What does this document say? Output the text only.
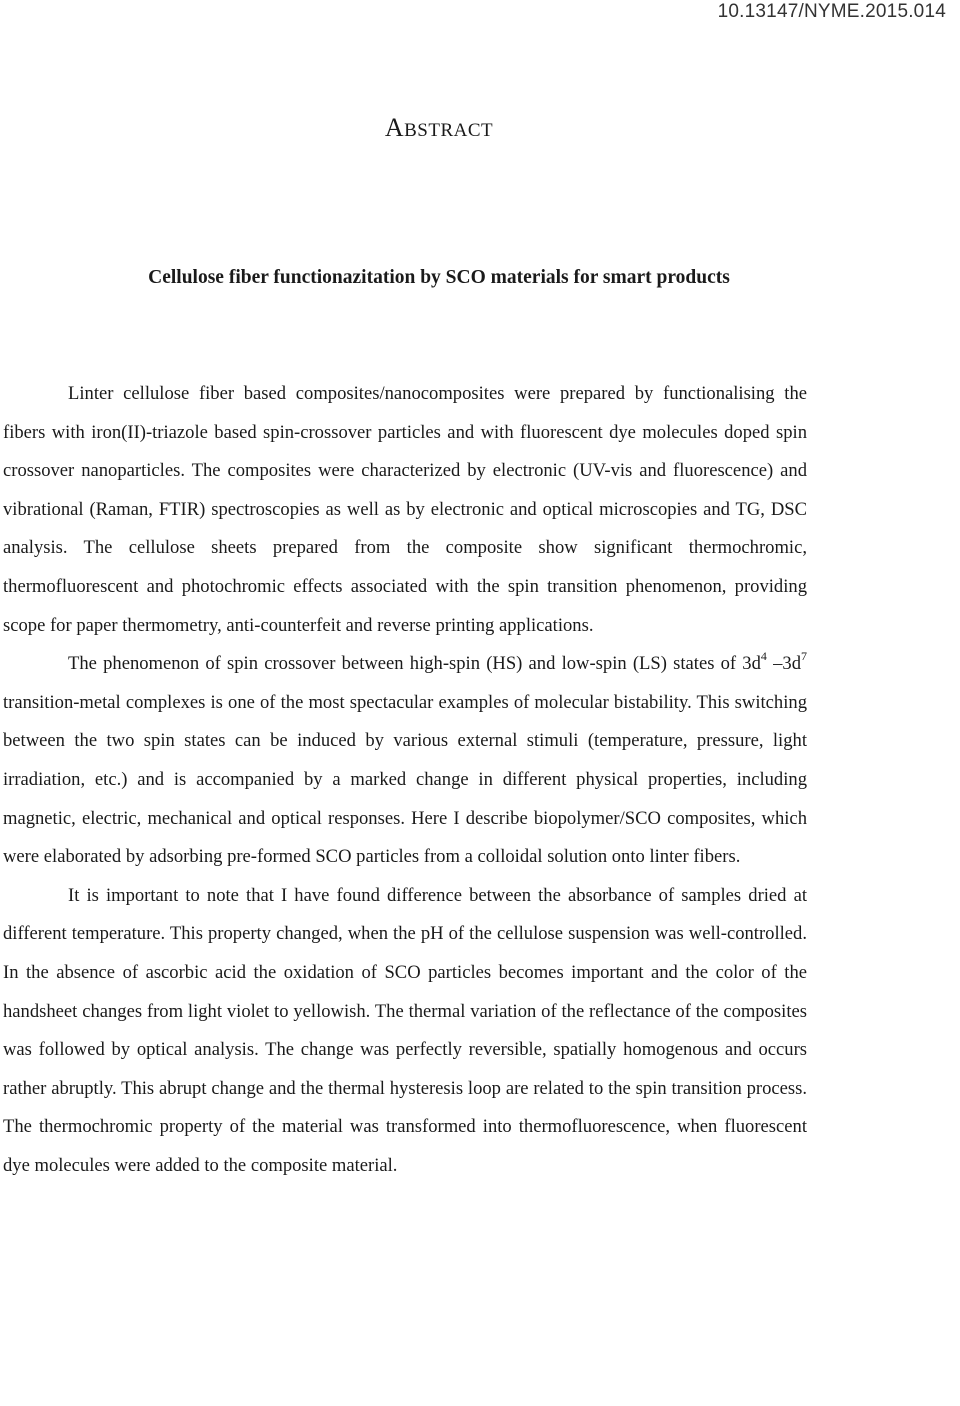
10.13147/NYME.2015.014
ABSTRACT
Cellulose fiber functionazitation by SCO materials for smart products

Linter cellulose fiber based composites/nanocomposites were prepared by functionalising the fibers with iron(II)-triazole based spin-crossover particles and with fluorescent dye molecules doped spin crossover nanoparticles. The composites were characterized by electronic (UV-vis and fluorescence) and vibrational (Raman, FTIR) spectroscopies as well as by electronic and optical microscopies and TG, DSC analysis. The cellulose sheets prepared from the composite show significant thermochromic, thermofluorescent and photochromic effects associated with the spin transition phenomenon, providing scope for paper thermometry, anti-counterfeit and reverse printing applications.

The phenomenon of spin crossover between high-spin (HS) and low-spin (LS) states of $3d^4$ $-3d^7$ transition-metal complexes is one of the most spectacular examples of molecular bistability. This switching between the two spin states can be induced by various external stimuli (temperature, pressure, light irradiation, etc.) and is accompanied by a marked change in different physical properties, including magnetic, electric, mechanical and optical responses. Here I describe biopolymer/SCO composites, which were elaborated by adsorbing pre-formed SCO particles from a colloidal solution onto linter fibers.

It is important to note that I have found difference between the absorbance of samples dried at different temperature. This property changed, when the pH of the cellulose suspension was well-controlled. In the absence of ascorbic acid the oxidation of SCO particles becomes important and the color of the handsheet changes from light violet to yellowish. The thermal variation of the reflectance of the composites was followed by optical analysis. The change was perfectly reversible, spatially homogenous and occurs rather abruptly. This abrupt change and the thermal hysteresis loop are related to the spin transition process. The thermochromic property of the material was transformed into thermofluorescence, when fluorescent dye molecules were added to the composite material.
